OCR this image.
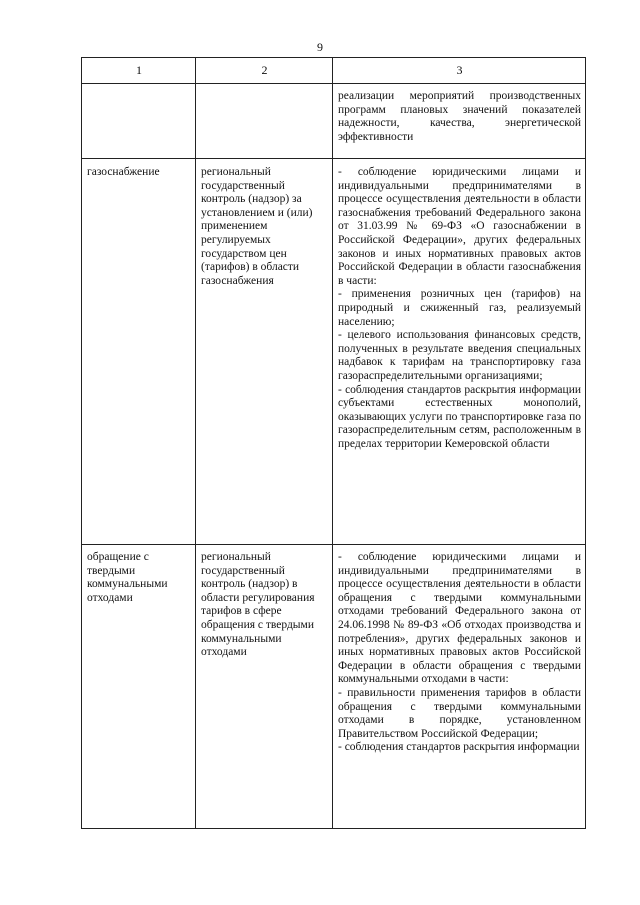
9
1	2	3
		реализации мероприятий производственных программ плановых значений показателей надежности, качества, энергетической эффективности
газоснабжение	региональный государственный контроль (надзор) за установлением и (или) применением регулируемых государством цен (тарифов) в области газоснабжения	- соблюдение юридическими лицами и индивидуальными предпринимателями в процессе осуществления деятельности в области газоснабжения требований Федерального закона от 31.03.99 № 69-ФЗ «О газоснабжении в Российской Федерации», других федеральных законов и иных нормативных правовых актов Российской Федерации в области газоснабжения в части:
- применения розничных цен (тарифов) на природный и сжиженный газ, реализуемый населению;
- целевого использования финансовых средств, полученных в результате введения специальных надбавок к тарифам на транспортировку газа газораспределительными организациями;
- соблюдения стандартов раскрытия информации субъектами естественных монополий, оказывающих услуги по транспортировке газа по газораспределительным сетям, расположенным в пределах территории Кемеровской области
обращение с твердыми коммунальными отходами	региональный государственный контроль (надзор) в области регулирования тарифов в сфере обращения с твердыми коммунальными отходами	- соблюдение юридическими лицами и индивидуальными предпринимателями в процессе осуществления деятельности в области обращения с твердыми коммунальными отходами требований Федерального закона от 24.06.1998 № 89-ФЗ «Об отходах производства и потребления», других федеральных законов и иных нормативных правовых актов Российской Федерации в области обращения с твердыми коммунальными отходами в части:
- правильности применения тарифов в области обращения с твердыми коммунальными отходами в порядке, установленном Правительством Российской Федерации;
- соблюдения стандартов раскрытия информации
